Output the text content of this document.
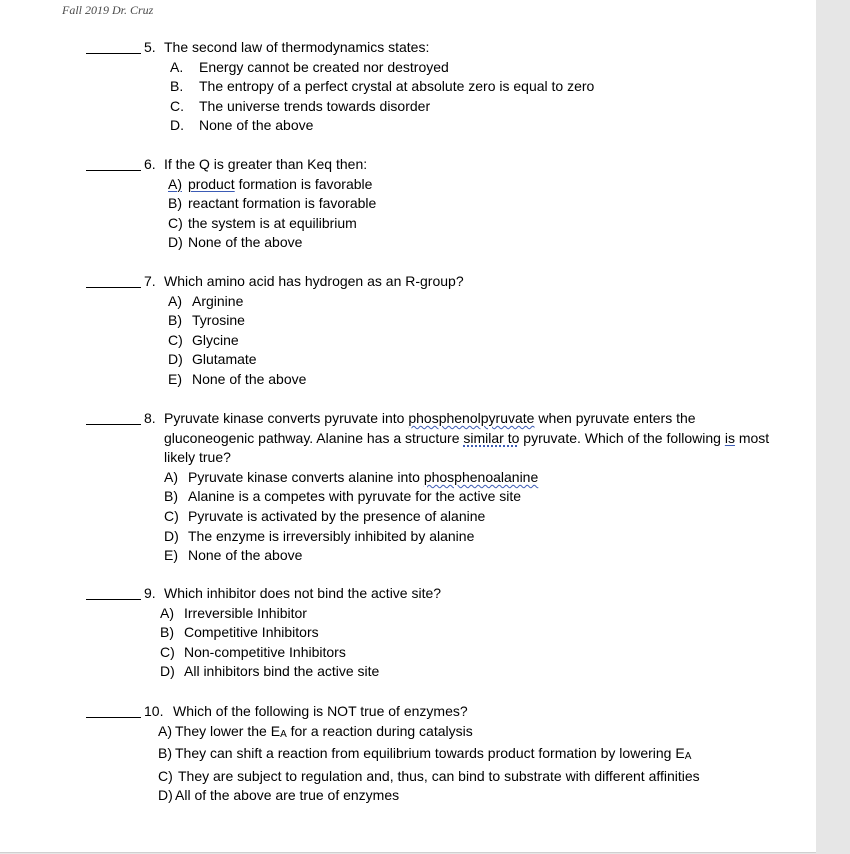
Fall 2019 Dr. Cruz
5. The second law of thermodynamics states:
A.	Energy cannot be created nor destroyed
B.	The entropy of a perfect crystal at absolute zero is equal to zero
C.	The universe trends towards disorder
D.	None of the above
6. If the Q is greater than Keq then:
A) product formation is favorable
B) reactant formation is favorable
C) the system is at equilibrium
D) None of the above
7. Which amino acid has hydrogen as an R-group?
A) Arginine
B) Tyrosine
C) Glycine
D) Glutamate
E) None of the above
8. Pyruvate kinase converts pyruvate into phosphenolpyruvate when pyruvate enters the gluconeogenic pathway. Alanine has a structure similar to pyruvate. Which of the following is most likely true?
A) Pyruvate kinase converts alanine into phosphenoalanine
B) Alanine is a competes with pyruvate for the active site
C) Pyruvate is activated by the presence of alanine
D) The enzyme is irreversibly inhibited by alanine
E) None of the above
9. Which inhibitor does not bind the active site?
A) Irreversible Inhibitor
B) Competitive Inhibitors
C) Non-competitive Inhibitors
D) All inhibitors bind the active site
10. Which of the following is NOT true of enzymes?
A) They lower the $E_A$ for a reaction during catalysis
B) They can shift a reaction from equilibrium towards product formation by lowering $E_A$
C) They are subject to regulation and, thus, can bind to substrate with different affinities
D) All of the above are true of enzymes
